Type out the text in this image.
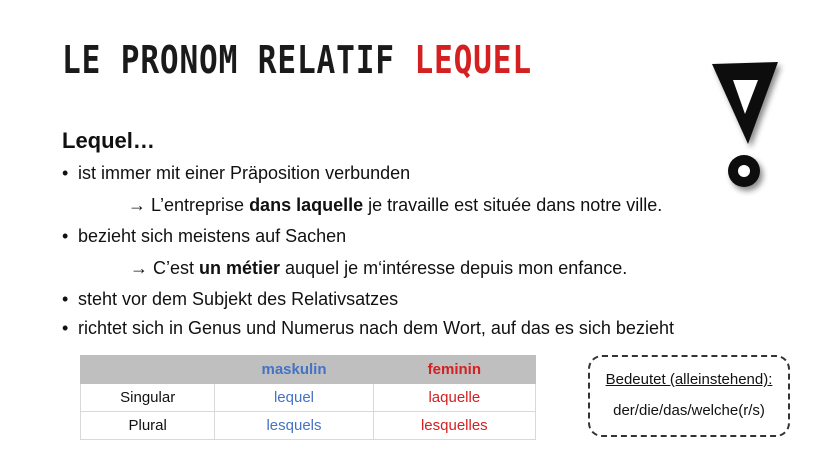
LE PRONOM RELATIF LEQUEL
Lequel…
• ist immer mit einer Präposition verbunden
→ L’entreprise dans laquelle je travaille est située dans notre ville.
• bezieht sich meistens auf Sachen
→ C’est un métier auquel je m‘intéresse depuis mon enfance.
• steht vor dem Subjekt des Relativsatzes
• richtet sich in Genus und Numerus nach dem Wort, auf das es sich bezieht
	maskulin	feminin
Singular	lequel	laquelle
Plural	lesquels	lesquelles
Bedeutet (alleinstehend):
der/die/das/welche(r/s)
